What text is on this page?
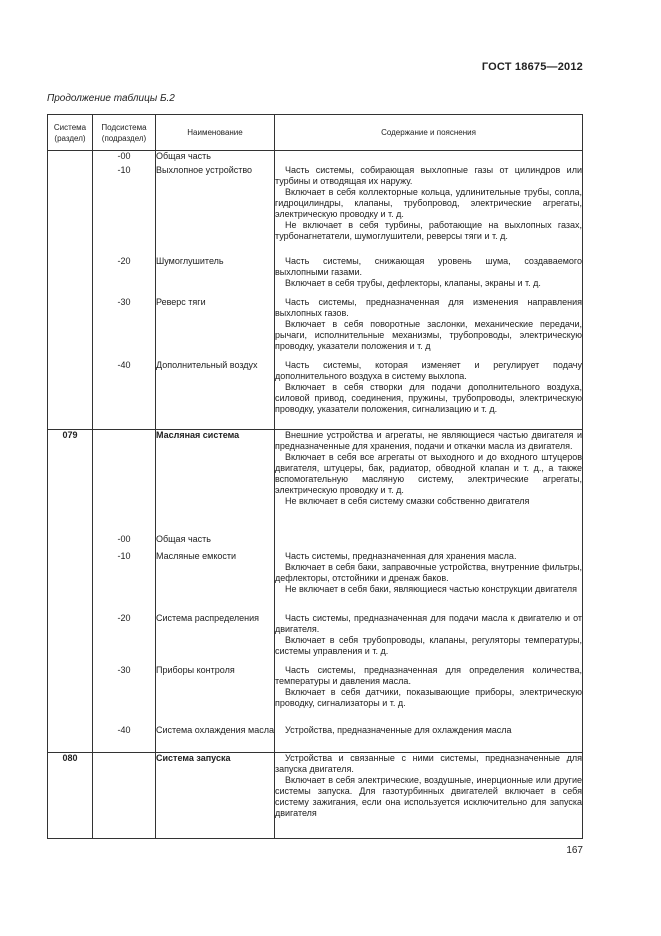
ГОСТ 18675—2012
Продолжение таблицы Б.2
Система (раздел)	Подсистема (подраздел)	Наименование	Содержание и пояснения
	-00	Общая часть	
	-10	Выхлопное устройство	Часть системы, собирающая выхлопные газы от цилиндров или турбины и отводящая их наружу.

Включает в себя коллекторные кольца, удлинительные трубы, сопла, гидроцилиндры, клапаны, трубопровод, электрические агрегаты, электрическую проводку и т. д.

Не включает в себя турбины, работающие на выхлопных газах, турбонагнетатели, шумоглушители, реверсы тяги и т. д.

	-20	Шумоглушитель	Часть системы, снижающая уровень шума, создаваемого выхлопными газами.

Включает в себя трубы, дефлекторы, клапаны, экраны и т. д.

	-30	Реверс тяги	Часть системы, предназначенная для изменения направления выхлопных газов.

Включает в себя поворотные заслонки, механические передачи, рычаги, исполнительные механизмы, трубопроводы, электрическую проводку, указатели положения и т. д

	-40	Дополнительный воздух	Часть системы, которая изменяет и регулирует подачу дополнительного воздуха в систему выхлопа.

Включает в себя створки для подачи дополнительного воздуха, силовой привод, соединения, пружины, трубопроводы, электрическую проводку, указатели положения, сигнализацию и т. д.

079		Масляная система	Внешние устройства и агрегаты, не являющиеся частью двигателя и предназначенные для хранения, подачи и откачки масла из двигателя.

Включает в себя все агрегаты от выходного и до входного штуцеров двигателя, штуцеры, бак, радиатор, обводной клапан и т. д., а также вспомогательную масляную систему, электрические агрегаты, электрическую проводку и т. д.

Не включает в себя систему смазки собственно двигателя

	-00	Общая часть	
	-10	Масляные емкости	Часть системы, предназначенная для хранения масла.

Включает в себя баки, заправочные устройства, внутренние фильтры, дефлекторы, отстойники и дренаж баков.

Не включает в себя баки, являющиеся частью конструкции двигателя

	-20	Система распределения	Часть системы, предназначенная для подачи масла к двигателю и от двигателя.

Включает в себя трубопроводы, клапаны, регуляторы температуры, системы управления и т. д.

	-30	Приборы контроля	Часть системы, предназначенная для определения количества, температуры и давления масла.

Включает в себя датчики, показывающие приборы, электрическую проводку, сигнализаторы и т. д.

	-40	Система охлаждения масла	Устройства, предназначенные для охлаждения масла

080		Система запуска	Устройства и связанные с ними системы, предназначенные для запуска двигателя.

Включает в себя электрические, воздушные, инерционные или другие системы запуска. Для газотурбинных двигателей включает в себя систему зажигания, если она используется исключительно для запуска двигателя

167
